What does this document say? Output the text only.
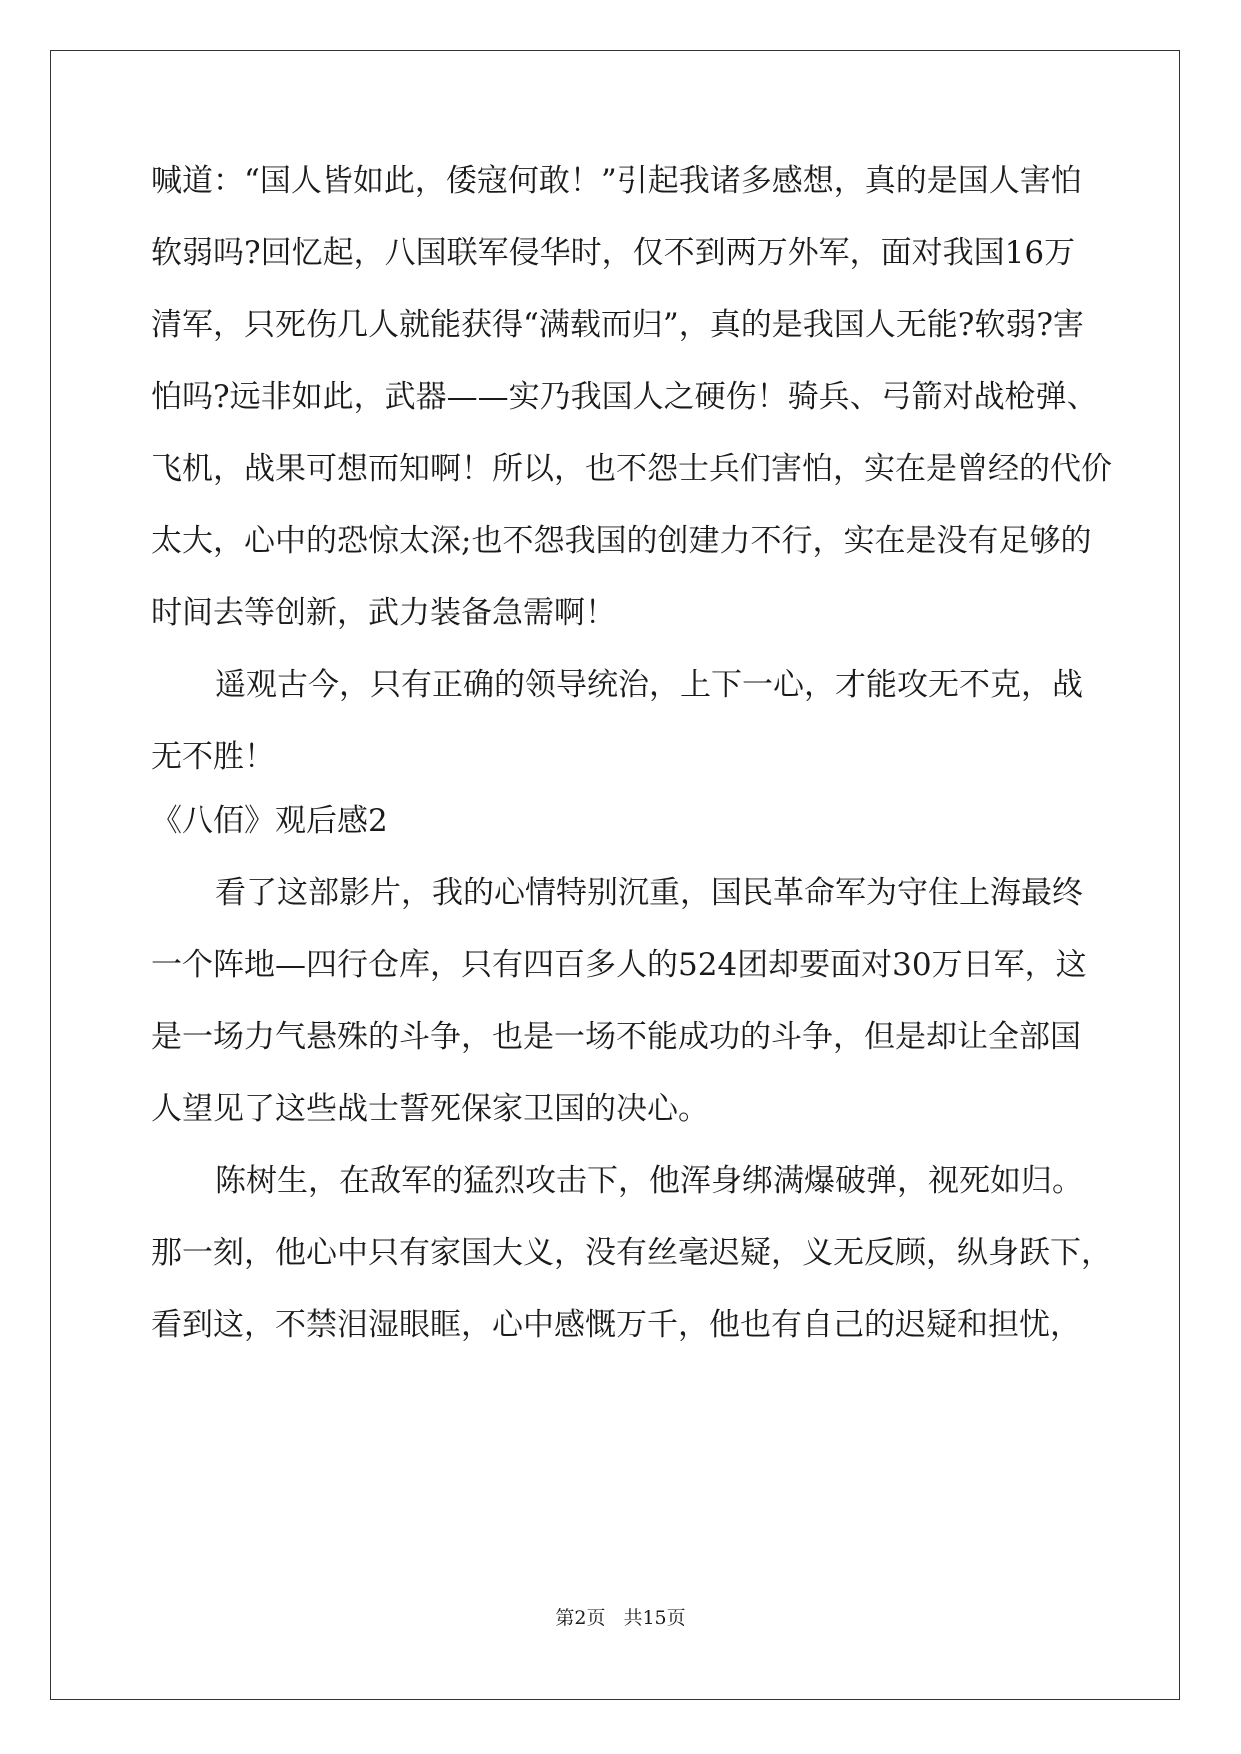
喊道：“国人皆如此，倭寇何敢！”引起我诸多感想，真的是国人害怕
软弱吗?回忆起，八国联军侵华时，仅不到两万外军，面对我国16万
清军，只死伤几人就能获得“满载而归”，真的是我国人无能?软弱?害
怕吗?远非如此，武器——实乃我国人之硬伤！骑兵、弓箭对战枪弹、
飞机，战果可想而知啊！所以，也不怨士兵们害怕，实在是曾经的代价
太大，心中的恐惊太深;也不怨我国的创建力不行，实在是没有足够的
时间去等创新，武力装备急需啊！
遥观古今，只有正确的领导统治，上下一心，才能攻无不克，战
无不胜！
《八佰》观后感2
看了这部影片，我的心情特别沉重，国民革命军为守住上海最终
一个阵地—四行仓库，只有四百多人的524团却要面对30万日军，这
是一场力气悬殊的斗争，也是一场不能成功的斗争，但是却让全部国
人望见了这些战士誓死保家卫国的决心。
陈树生，在敌军的猛烈攻击下，他浑身绑满爆破弹，视死如归。
那一刻，他心中只有家国大义，没有丝毫迟疑，义无反顾，纵身跃下，
看到这，不禁泪湿眼眶，心中感慨万千，他也有自己的迟疑和担忧，
第2页 共15页
